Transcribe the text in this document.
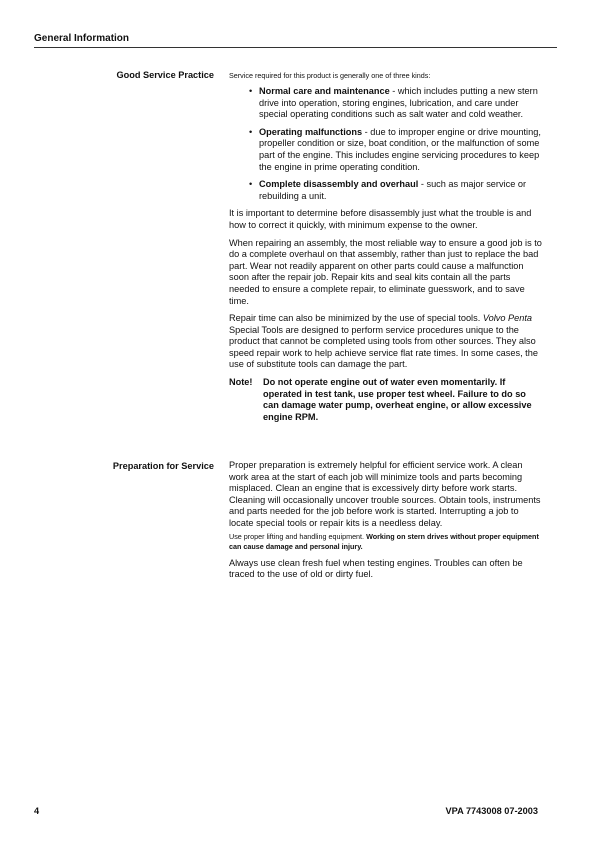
General Information
Good Service Practice Service required for this product is generally one of three kinds:

• Normal care and maintenance - which includes putting a new stern drive into operation, storing engines, lubrication, and care under special operating conditions such as salt water and cold weather.
• Operating malfunctions - due to improper engine or drive mounting, propeller condition or size, boat condition, or the malfunction of some part of the engine. This includes engine servicing procedures to keep the engine in prime operating condition.
• Complete disassembly and overhaul - such as major service or rebuilding a unit.

It is important to determine before disassembly just what the trouble is and how to correct it quickly, with minimum expense to the owner.

When repairing an assembly, the most reliable way to ensure a good job is to do a complete overhaul on that assembly, rather than just to replace the bad part. Wear not readily apparent on other parts could cause a malfunction soon after the repair job. Repair kits and seal kits contain all the parts needed to ensure a complete repair, to eliminate guesswork, and to save time.

Repair time can also be minimized by the use of special tools. Volvo Penta Special Tools are designed to perform service procedures unique to the product that cannot be completed using tools from other sources. They also speed repair work to help achieve service flat rate times. In some cases, the use of substitute tools can damage the part.

Note!	Do not operate engine out of water even momentarily. If operated in test tank, use proper test wheel. Failure to do so can damage water pump, overheat engine, or allow excessive engine RPM.
Preparation for Service Proper preparation is extremely helpful for efficient service work. A clean work area at the start of each job will minimize tools and parts becoming misplaced. Clean an engine that is excessively dirty before work starts. Cleaning will occasionally uncover trouble sources. Obtain tools, instruments and parts needed for the job before work is started. Interrupting a job to locate special tools or repair kits is a needless delay.

Use proper lifting and handling equipment. Working on stern drives without proper equipment can cause damage and personal injury.

Always use clean fresh fuel when testing engines. Troubles can often be traced to the use of old or dirty fuel.

4	VPA 7743008 07-2003
